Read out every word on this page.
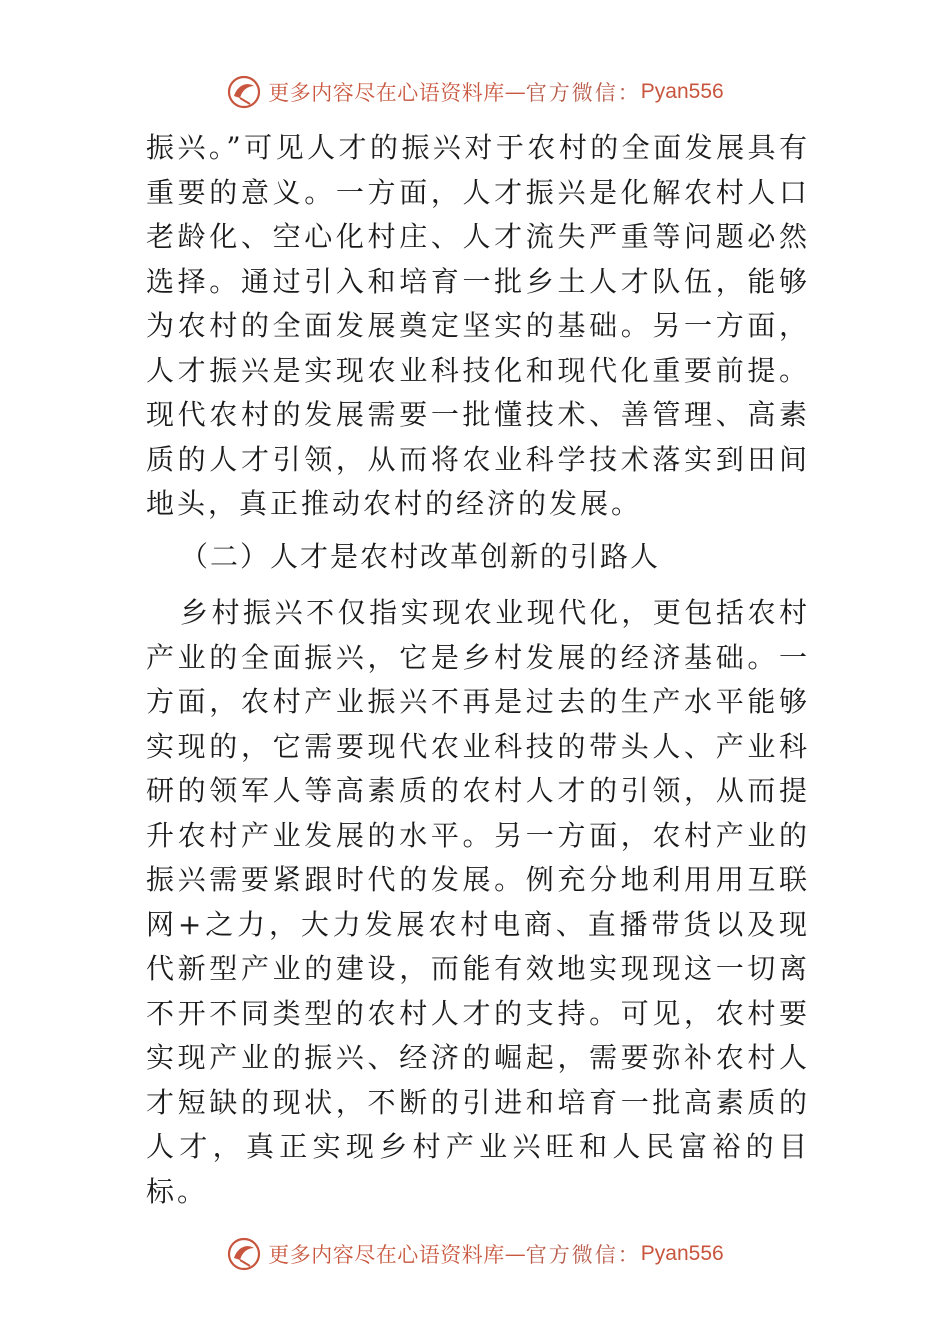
更多内容尽在心语资料库 — 官方微信： Pyan556

振兴。”可见人才的振兴对于农村的全面发展具有重要的意义。一方面，人才振兴是化解农村人口老龄化、空心化村庄、人才流失严重等问题必然选择。通过引入和培育一批乡土人才队伍，能够为农村的全面发展奠定坚实的基础。另一方面，人才振兴是实现农业科技化和现代化重要前提。现代农村的发展需要一批懂技术、善管理、高素质的人才引领，从而将农业科学技术落实到田间地头，真正推动农村的经济的发展。

（二）人才是农村改革创新的引路人

乡村振兴不仅指实现农业现代化，更包括农村产业的全面振兴，它是乡村发展的经济基础。一方面，农村产业振兴不再是过去的生产水平能够实现的，它需要现代农业科技的带头人、产业科研的领军人等高素质的农村人才的引领，从而提升农村产业发展的水平。另一方面，农村产业的振兴需要紧跟时代的发展。例充分地利用用互联网+之力，大力发展农村电商、直播带货以及现代新型产业的建设，而能有效地实现现这一切离不开不同类型的农村人才的支持。可见，农村要实现产业的振兴、经济的崛起，需要弥补农村人才短缺的现状，不断的引进和培育一批高素质的人才，真正实现乡村产业兴旺和人民富裕的目标。

更多内容尽在心语资料库 — 官方微信： Pyan556
